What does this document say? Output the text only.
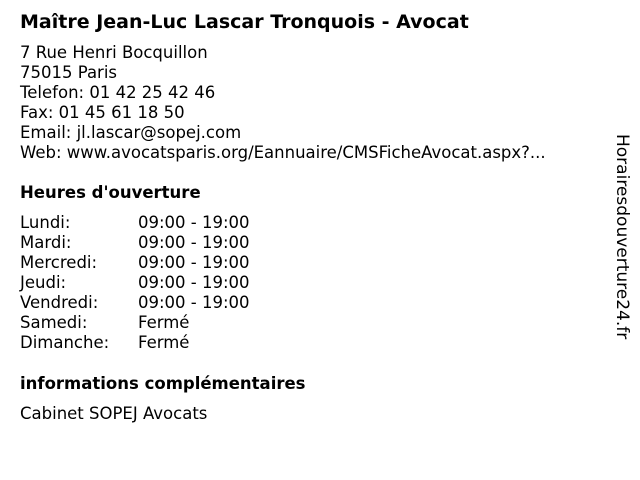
Maître Jean-Luc Lascar Tronquois - Avocat
7 Rue Henri Bocquillon
75015 Paris
Telefon: 01 42 25 42 46
Fax: 01 45 61 18 50
Email: jl.lascar@sopej.com
Web: www.avocatsparis.org/Eannuaire/CMSFicheAvocat.aspx?...
Heures d'ouverture
Lundi:	09:00 - 19:00
Mardi:	09:00 - 19:00
Mercredi:	09:00 - 19:00
Jeudi:	09:00 - 19:00
Vendredi:	09:00 - 19:00
Samedi:	Fermé
Dimanche:	Fermé
informations complémentaires
Cabinet SOPEJ Avocats
Horairesdouverture24.fr
